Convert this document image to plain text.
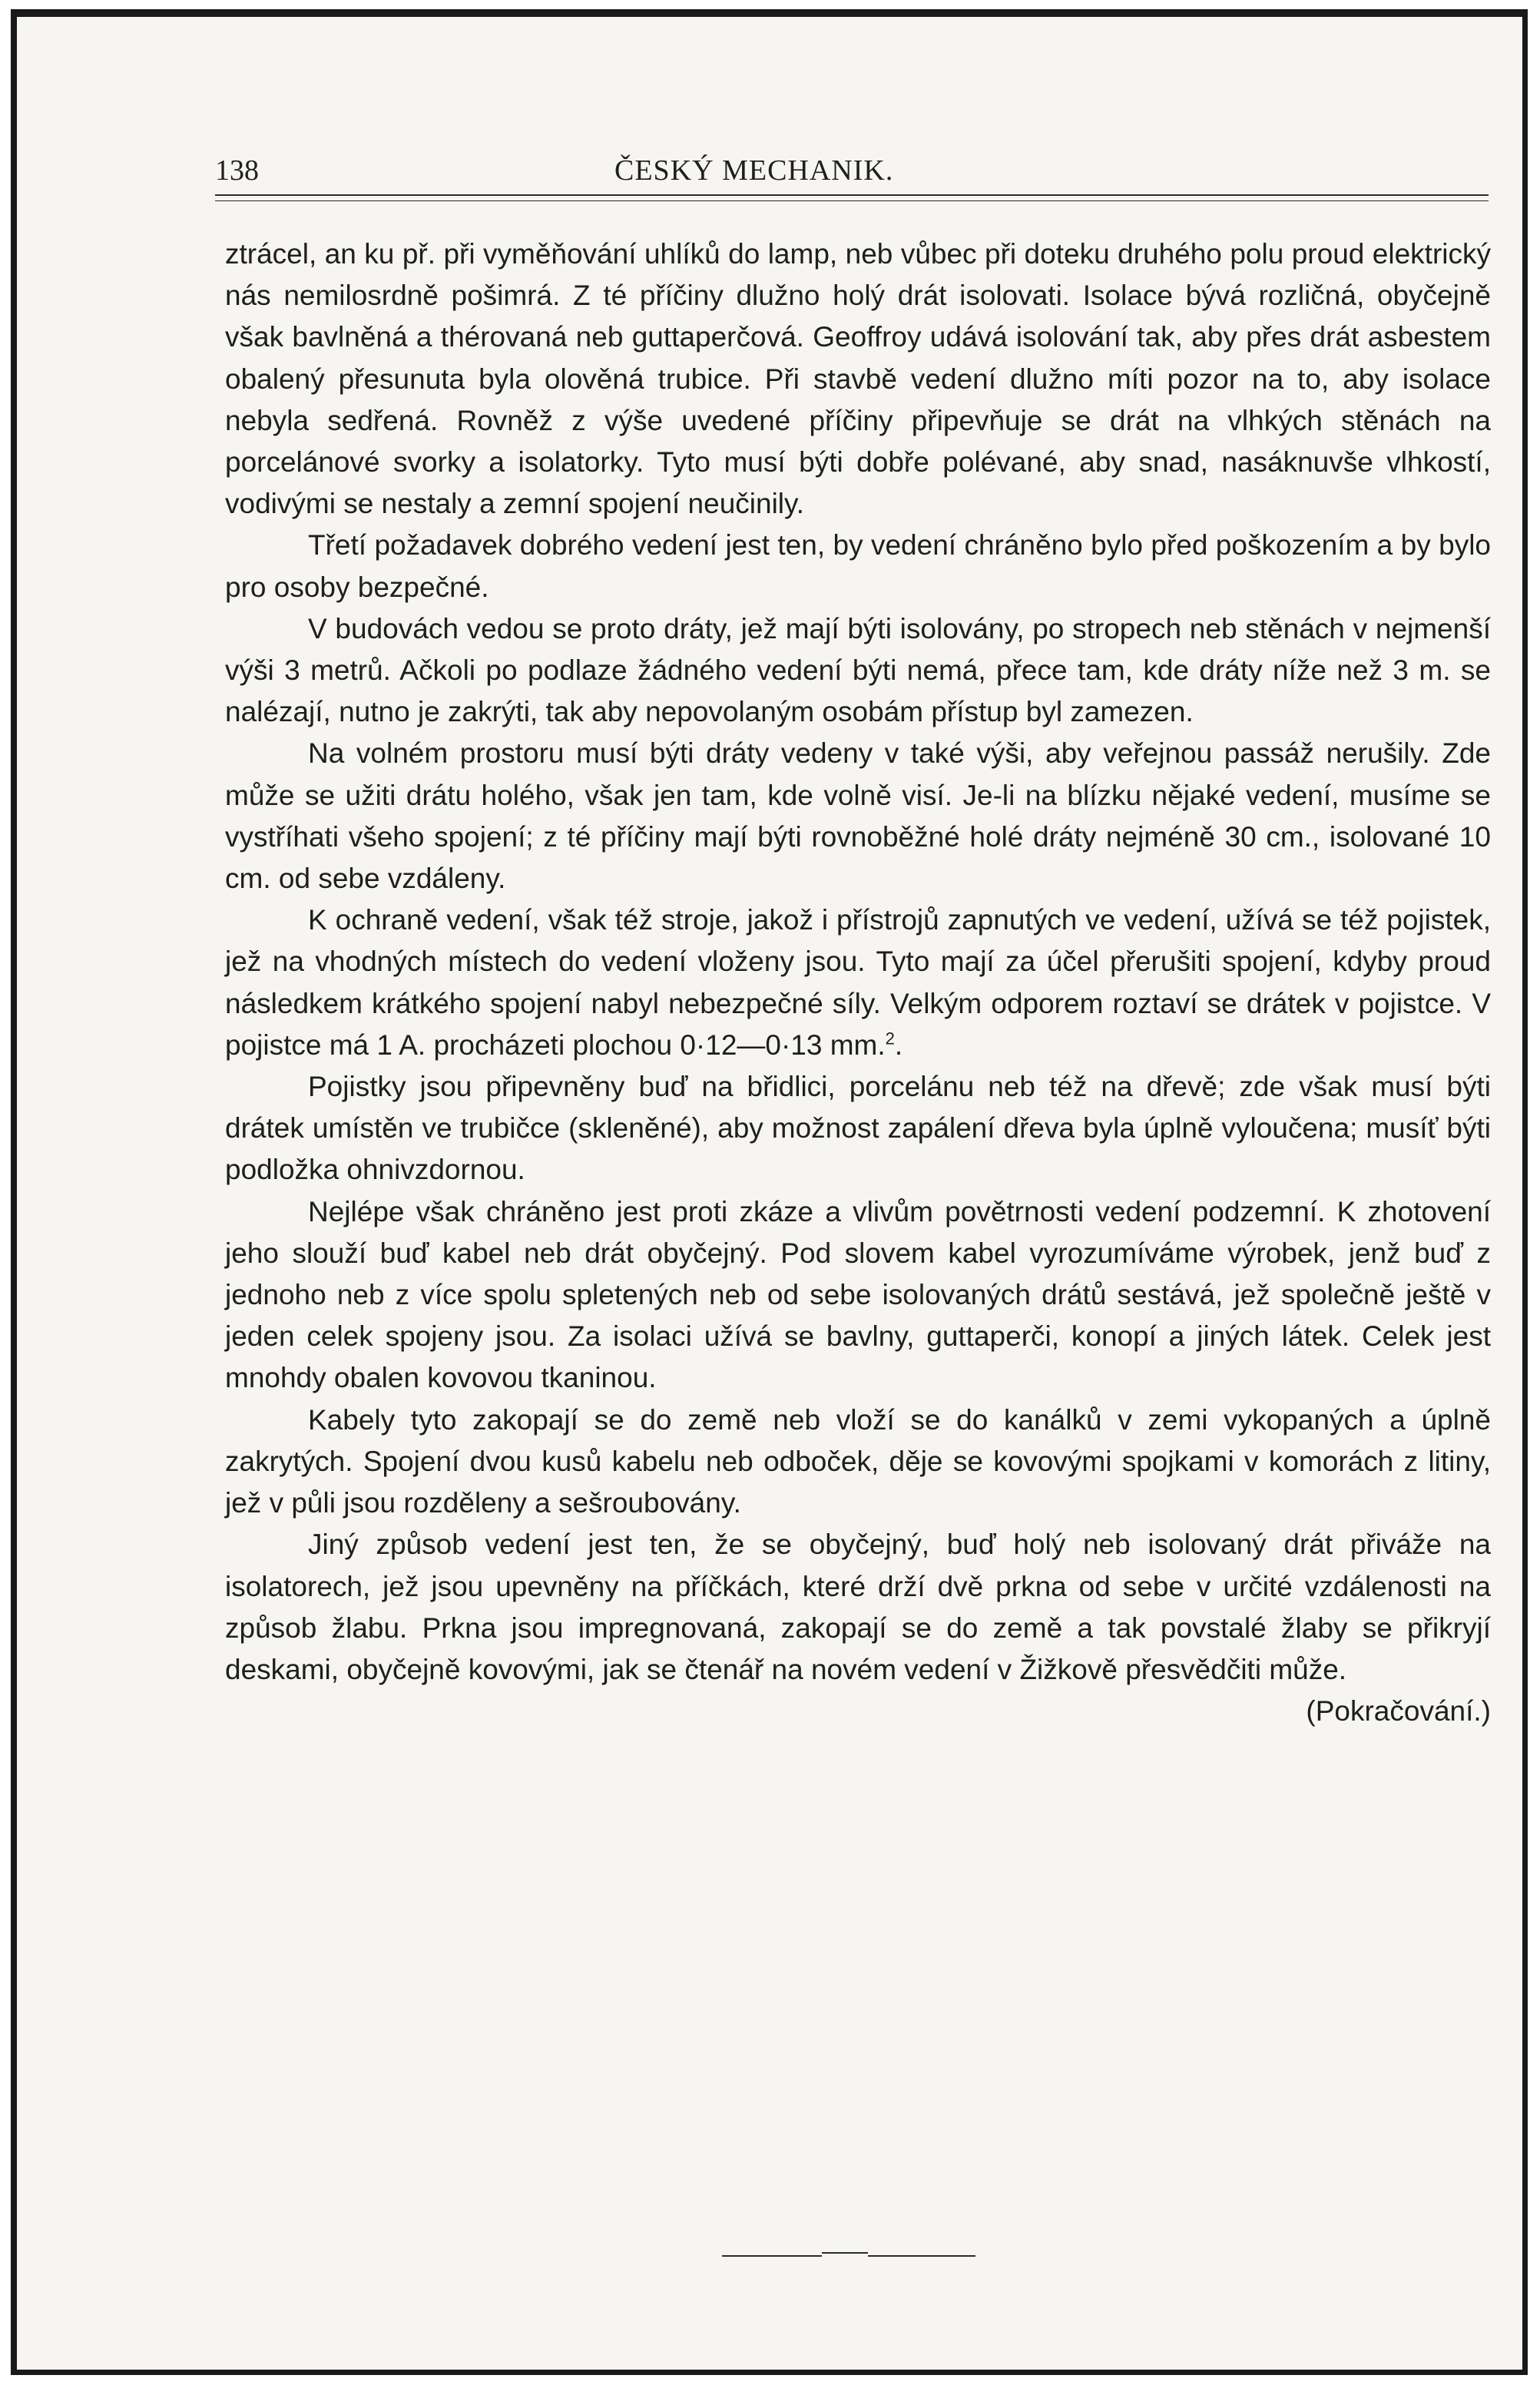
138	ČESKÝ MECHANIK.

ztrácel, an ku př. při vyměňování uhlíků do lamp, neb vůbec při doteku druhého polu proud elektrický nás nemilosrdně pošimrá. Z té příčiny dlužno holý drát isolovati. Isolace bývá rozličná, obyčejně však bavlněná a thérovaná neb guttaperčová. Geoffroy udává isolování tak, aby přes drát asbestem obalený přesunuta byla olověná trubice. Při stavbě vedení dlužno míti pozor na to, aby isolace nebyla sedřená. Rovněž z výše uvedené příčiny připevňuje se drát na vlhkých stěnách na porcelánové svorky a isolatorky. Tyto musí býti dobře polévané, aby snad, nasáknuvše vlhkostí, vodivými se nestaly a zemní spojení neučinily.

Třetí požadavek dobrého vedení jest ten, by vedení chráněno bylo před poškozením a by bylo pro osoby bezpečné.

V budovách vedou se proto dráty, jež mají býti isolovány, po stropech neb stěnách v nejmenší výši 3 metrů. Ačkoli po podlaze žádného vedení býti nemá, přece tam, kde dráty níže než 3 m. se nalézají, nutno je zakrýti, tak aby nepovolaným osobám přístup byl zamezen.

Na volném prostoru musí býti dráty vedeny v také výši, aby veřejnou passáž nerušily. Zde může se užiti drátu holého, však jen tam, kde volně visí. Je-li na blízku nějaké vedení, musíme se vystříhati všeho spojení; z té příčiny mají býti rovnoběžné holé dráty nejméně 30 cm., isolované 10 cm. od sebe vzdáleny.

K ochraně vedení, však též stroje, jakož i přístrojů zapnutých ve vedení, užívá se též pojistek, jež na vhodných místech do vedení vloženy jsou. Tyto mají za účel přerušiti spojení, kdyby proud následkem krátkého spojení nabyl nebezpečné síly. Velkým odporem roztaví se drátek v pojistce. V pojistce má 1 A. procházeti plochou 0·12—0·13 mm.$^2$.

Pojistky jsou připevněny buď na břidlici, porcelánu neb též na dřevě; zde však musí býti drátek umístěn ve trubičce (skleněné), aby možnost zapálení dřeva byla úplně vyloučena; musíť býti podložka ohnivzdornou.

Nejlépe však chráněno jest proti zkáze a vlivům povětrnosti vedení podzemní. K zhotovení jeho slouží buď kabel neb drát obyčejný. Pod slovem kabel vyrozumíváme výrobek, jenž buď z jednoho neb z více spolu spletených neb od sebe isolovaných drátů sestává, jež společně ještě v jeden celek spojeny jsou. Za isolaci užívá se bavlny, guttaperči, konopí a jiných látek. Celek jest mnohdy obalen kovovou tkaninou.

Kabely tyto zakopají se do země neb vloží se do kanálků v zemi vykopaných a úplně zakrytých. Spojení dvou kusů kabelu neb odboček, děje se kovovými spojkami v komorách z litiny, jež v půli jsou rozděleny a sešroubovány.

Jiný způsob vedení jest ten, že se obyčejný, buď holý neb isolovaný drát přiváže na isolatorech, jež jsou upevněny na příčkách, které drží dvě prkna od sebe v určité vzdálenosti na způsob žlabu. Prkna jsou impregnovaná, zakopají se do země a tak povstalé žlaby se přikryjí deskami, obyčejně kovovými, jak se čtenář na novém vedení v Žižkově přesvědčiti může.
(Pokračování.)
